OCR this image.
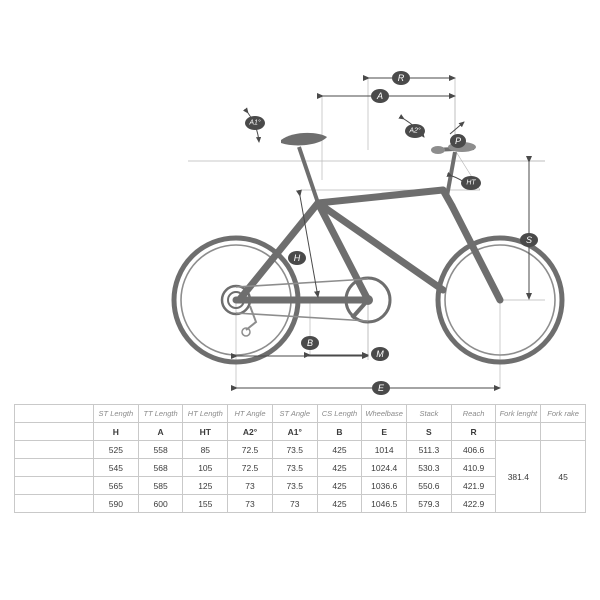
R
A
A1°
A2°
P
HT
S
H
B
M
E
	ST Length	TT Length	HT Length	HT Angle	ST Angle	CS Length	Wheelbase	Stack	Reach	Fork lenght	Fork rake
	H	A	HT	A2°	A1°	B	E	S	R		
S (150<160)	525	558	85	72.5	73.5	425	1014	511.3	406.6	381.4	45
M (160<170)	545	568	105	72.5	73.5	425	1024.4	530.3	410.9		
L (170<185)	565	585	125	73	73.5	425	1036.6	550.6	421.9		
XL (185<200)	590	600	155	73	73	425	1046.5	579.3	422.9		
